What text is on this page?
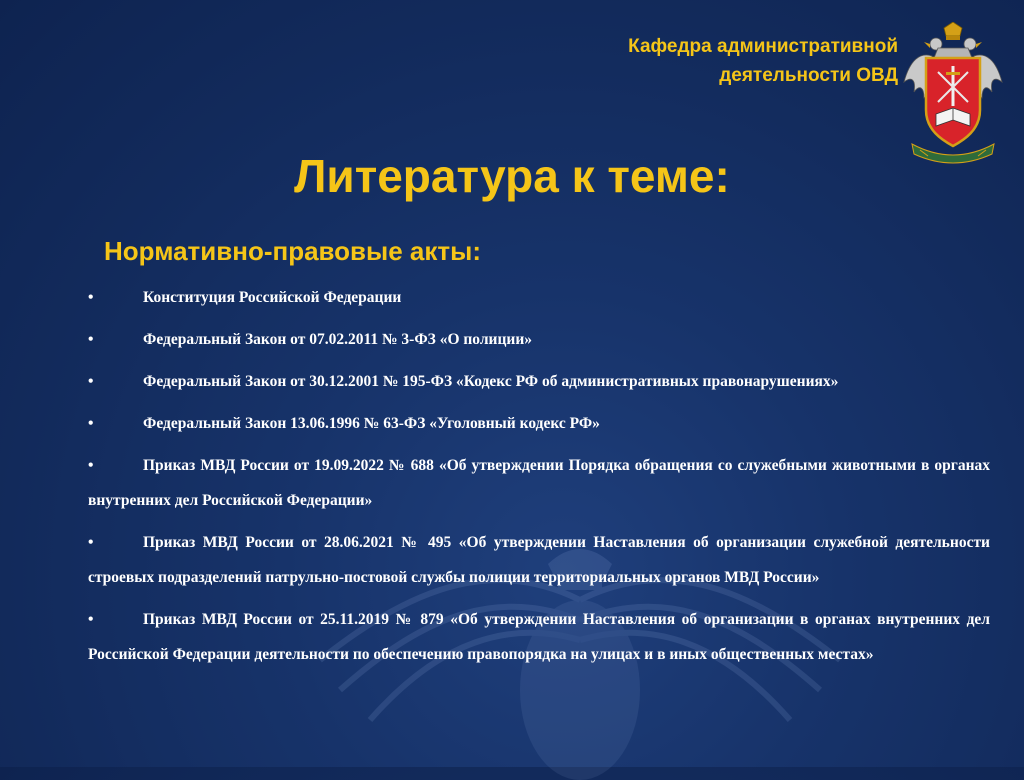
Кафедра административной
деятельности ОВД
Литература к теме:
Нормативно-правовые акты:
•	Конституция Российской Федерации
•	Федеральный Закон от 07.02.2011 № 3-ФЗ «О полиции»
•	Федеральный Закон от 30.12.2001 № 195-ФЗ «Кодекс РФ об административных правонарушениях»
•	Федеральный Закон 13.06.1996 № 63-ФЗ «Уголовный кодекс РФ»
•	Приказ МВД России от 19.09.2022 № 688 «Об утверждении Порядка обращения со служебными животными в органах внутренних дел Российской Федерации»
•	Приказ МВД России от 28.06.2021 № 495 «Об утверждении Наставления об организации служебной деятельности строевых подразделений патрульно-постовой службы полиции территориальных органов МВД России»
•	Приказ МВД России от 25.11.2019 № 879 «Об утверждении Наставления об организации в органах внутренних дел Российской Федерации деятельности по обеспечению правопорядка на улицах и в иных общественных местах»
